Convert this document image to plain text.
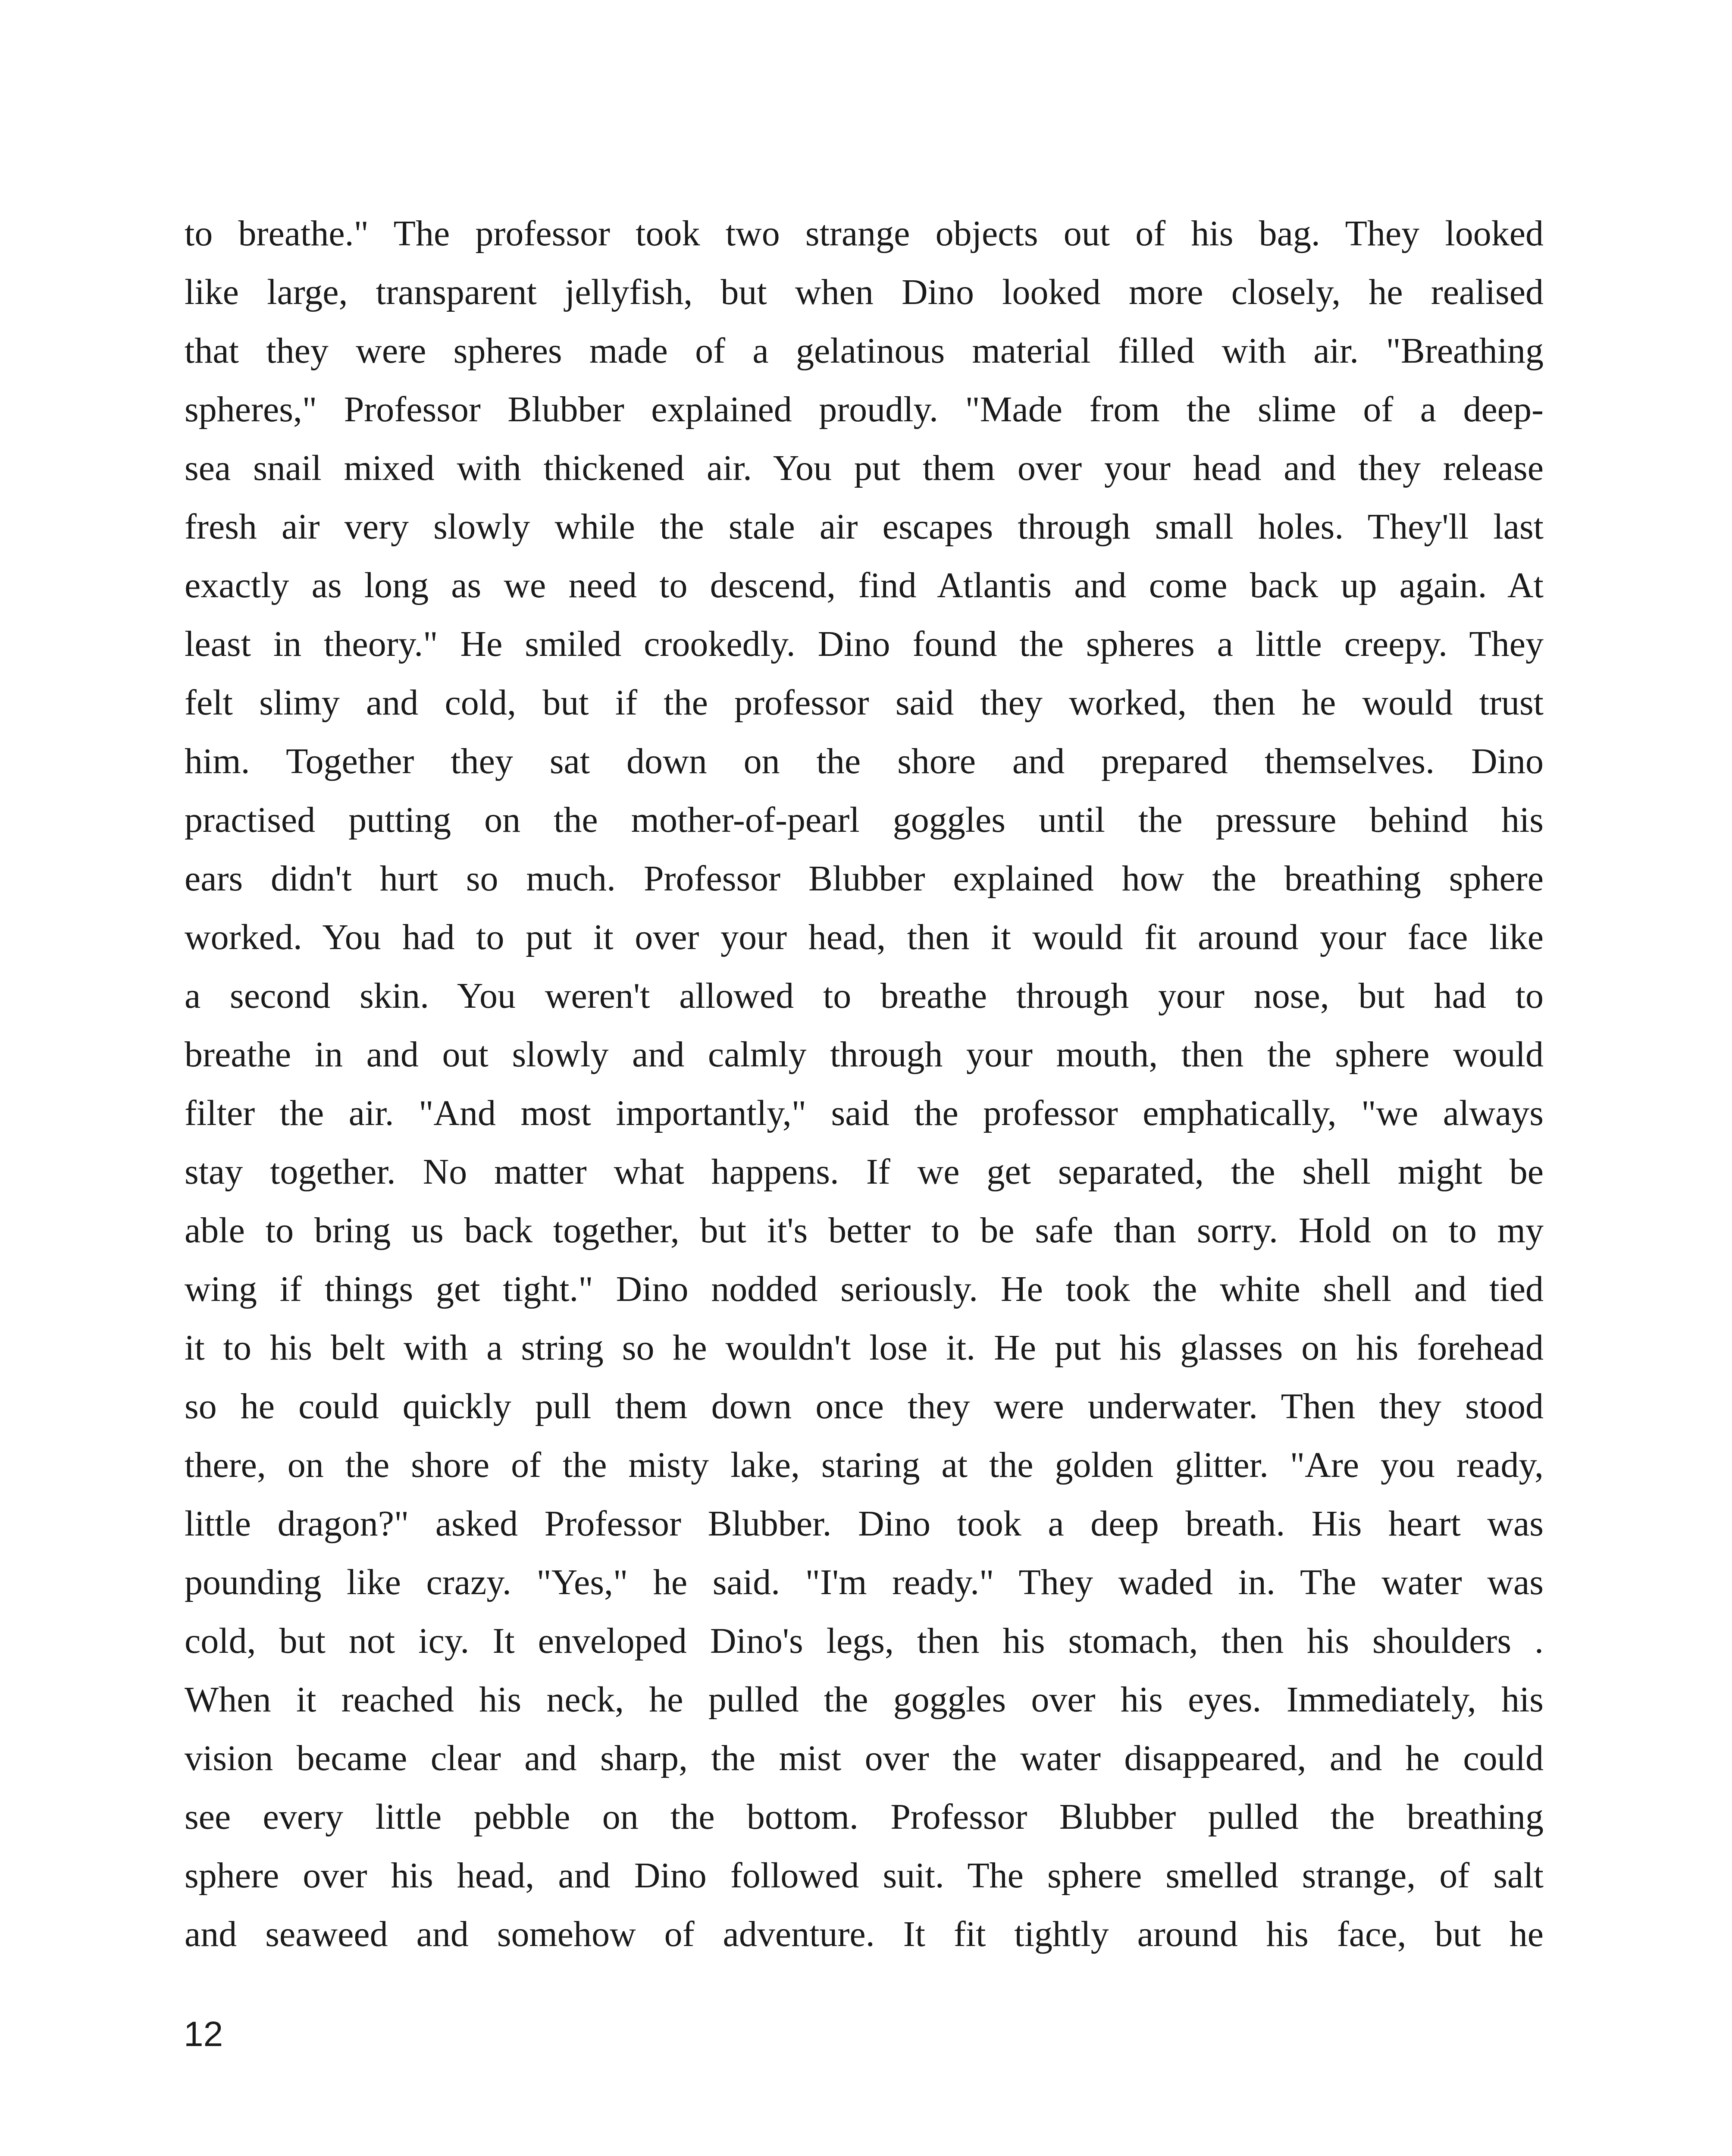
to breathe." The professor took two strange objects out of his bag. They looked
like large, transparent jellyfish, but when Dino looked more closely, he realised
that they were spheres made of a gelatinous material filled with air. "Breathing
spheres," Professor Blubber explained proudly. "Made from the slime of a deep-
sea snail mixed with thickened air. You put them over your head and they release
fresh air very slowly while the stale air escapes through small holes. They'll last
exactly as long as we need to descend, find Atlantis and come back up again. At
least in theory." He smiled crookedly. Dino found the spheres a little creepy. They
felt slimy and cold, but if the professor said they worked, then he would trust
him. Together they sat down on the shore and prepared themselves. Dino
practised putting on the mother-of-pearl goggles until the pressure behind his
ears didn't hurt so much. Professor Blubber explained how the breathing sphere
worked. You had to put it over your head, then it would fit around your face like
a second skin. You weren't allowed to breathe through your nose, but had to
breathe in and out slowly and calmly through your mouth, then the sphere would
filter the air. "And most importantly," said the professor emphatically, "we always
stay together. No matter what happens. If we get separated, the shell might be
able to bring us back together, but it's better to be safe than sorry. Hold on to my
wing if things get tight." Dino nodded seriously. He took the white shell and tied
it to his belt with a string so he wouldn't lose it. He put his glasses on his forehead
so he could quickly pull them down once they were underwater. Then they stood
there, on the shore of the misty lake, staring at the golden glitter. "Are you ready,
little dragon?" asked Professor Blubber. Dino took a deep breath. His heart was
pounding like crazy. "Yes," he said. "I'm ready." They waded in. The water was
cold, but not icy. It enveloped Dino's legs, then his stomach, then his shoulders .
When it reached his neck, he pulled the goggles over his eyes. Immediately, his
vision became clear and sharp, the mist over the water disappeared, and he could
see every little pebble on the bottom. Professor Blubber pulled the breathing
sphere over his head, and Dino followed suit. The sphere smelled strange, of salt
and seaweed and somehow of adventure. It fit tightly around his face, but he
12
